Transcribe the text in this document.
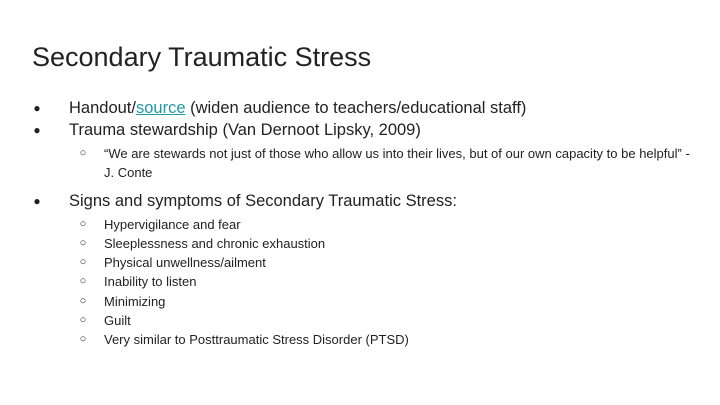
Secondary Traumatic Stress
● Handout/source (widen audience to teachers/educational staff)
● Trauma stewardship (Van Dernoot Lipsky, 2009)
○ “We are stewards not just of those who allow us into their lives, but of our own capacity to be helpful” - J. Conte
● Signs and symptoms of Secondary Traumatic Stress:
○ Hypervigilance and fear
○ Sleeplessness and chronic exhaustion
○ Physical unwellness/ailment
○ Inability to listen
○ Minimizing
○ Guilt
○ Very similar to Posttraumatic Stress Disorder (PTSD)
